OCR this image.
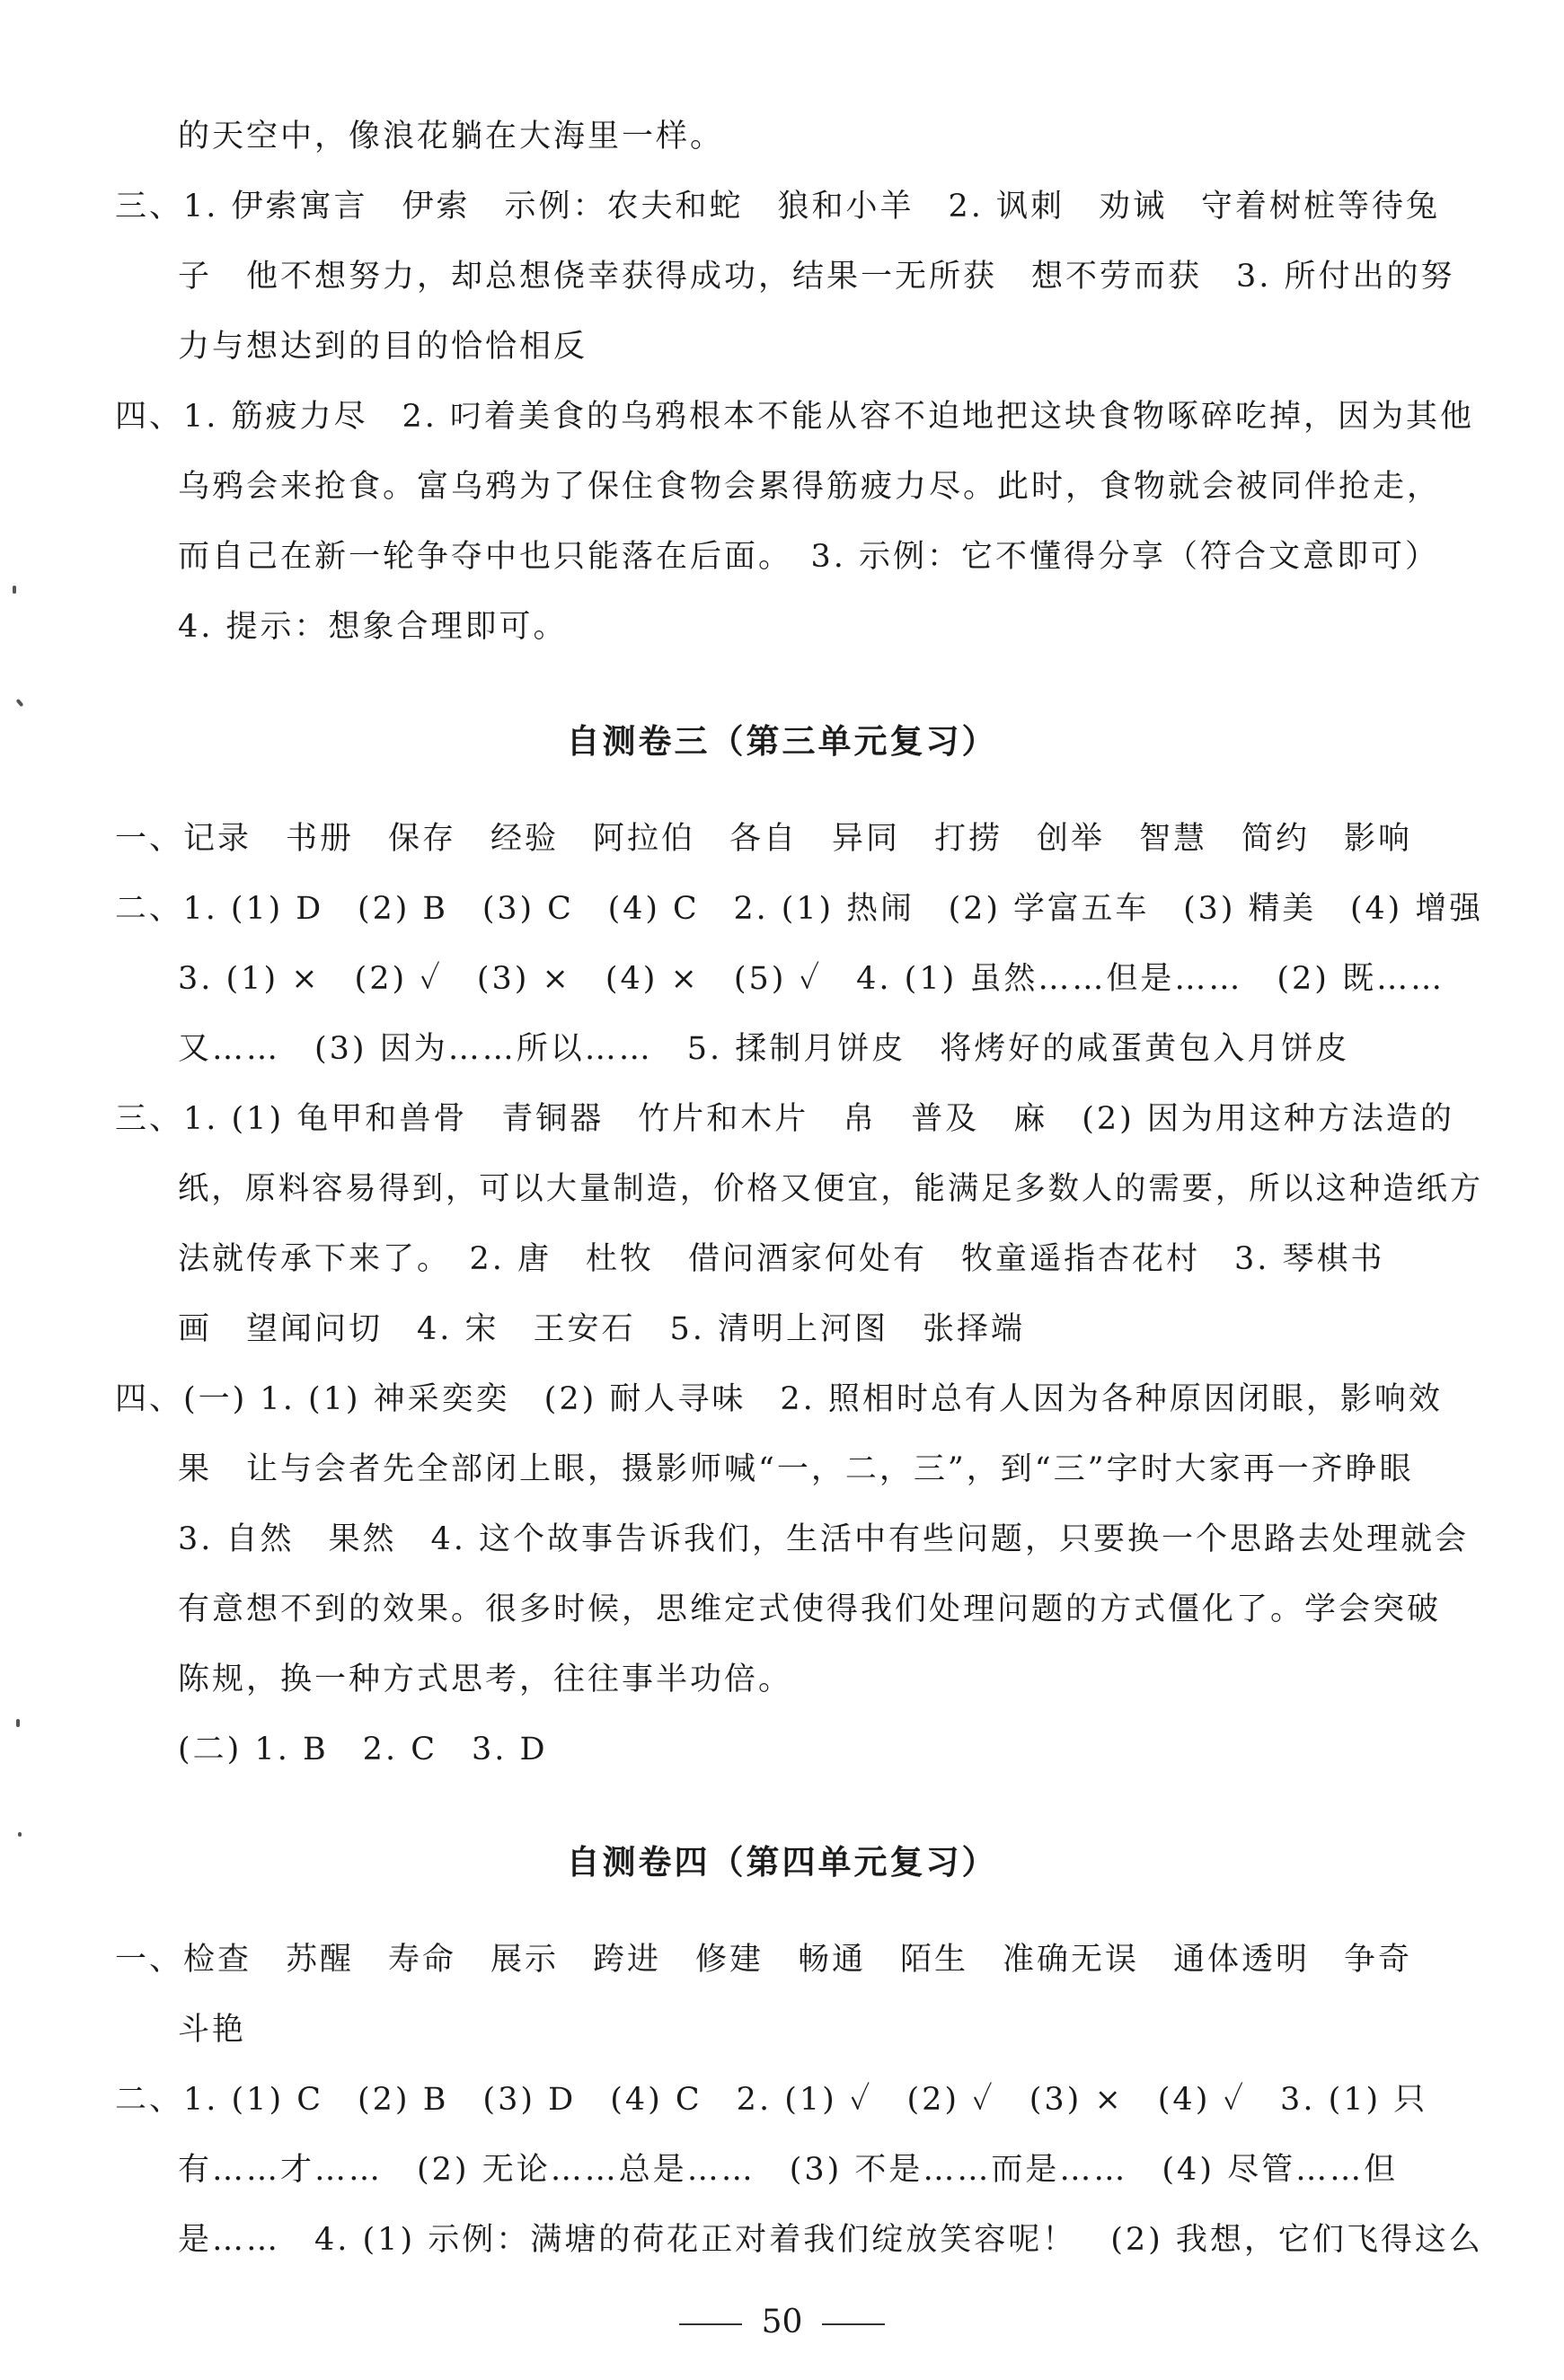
的天空中，像浪花躺在大海里一样。
三、1. 伊索寓言　伊索　示例：农夫和蛇　狼和小羊　2. 讽刺　劝诫　守着树桩等待兔
子　他不想努力，却总想侥幸获得成功，结果一无所获　想不劳而获　3. 所付出的努
力与想达到的目的恰恰相反
四、1. 筋疲力尽　2. 叼着美食的乌鸦根本不能从容不迫地把这块食物啄碎吃掉，因为其他
乌鸦会来抢食。富乌鸦为了保住食物会累得筋疲力尽。此时，食物就会被同伴抢走，
而自己在新一轮争夺中也只能落在后面。　3. 示例：它不懂得分享（符合文意即可）
4. 提示：想象合理即可。
自测卷三（第三单元复习）
一、记录　书册　保存　经验　阿拉伯　各自　异同　打捞　创举　智慧　简约　影响
二、1. (1) D　(2) B　(3) C　(4) C　2. (1) 热闹　(2) 学富五车　(3) 精美　(4) 增强
3. (1) ×　(2) ✓　(3) ×　(4) ×　(5) ✓　4. (1) 虽然……但是……　(2) 既……
又……　(3) 因为……所以……　5. 揉制月饼皮　将烤好的咸蛋黄包入月饼皮
三、1. (1) 龟甲和兽骨　青铜器　竹片和木片　帛　普及　麻　(2) 因为用这种方法造的
纸，原料容易得到，可以大量制造，价格又便宜，能满足多数人的需要，所以这种造纸方
法就传承下来了。　2. 唐　杜牧　借问酒家何处有　牧童遥指杏花村　3. 琴棋书
画　望闻问切　4. 宋　王安石　5. 清明上河图　张择端
四、(一) 1. (1) 神采奕奕　(2) 耐人寻味　2. 照相时总有人因为各种原因闭眼，影响效
果　让与会者先全部闭上眼，摄影师喊“一，二，三”，到“三”字时大家再一齐睁眼
3. 自然　果然　4. 这个故事告诉我们，生活中有些问题，只要换一个思路去处理就会
有意想不到的效果。很多时候，思维定式使得我们处理问题的方式僵化了。学会突破
陈规，换一种方式思考，往往事半功倍。
(二) 1. B　2. C　3. D
自测卷四（第四单元复习）
一、检查　苏醒　寿命　展示　跨进　修建　畅通　陌生　准确无误　通体透明　争奇
斗艳
二、1. (1) C　(2) B　(3) D　(4) C　2. (1) ✓　(2) ✓　(3) ×　(4) ✓　3. (1) 只
有……才……　(2) 无论……总是……　(3) 不是……而是……　(4) 尽管……但
是……　4. (1) 示例：满塘的荷花正对着我们绽放笑容呢！　(2) 我想，它们飞得这么
50
